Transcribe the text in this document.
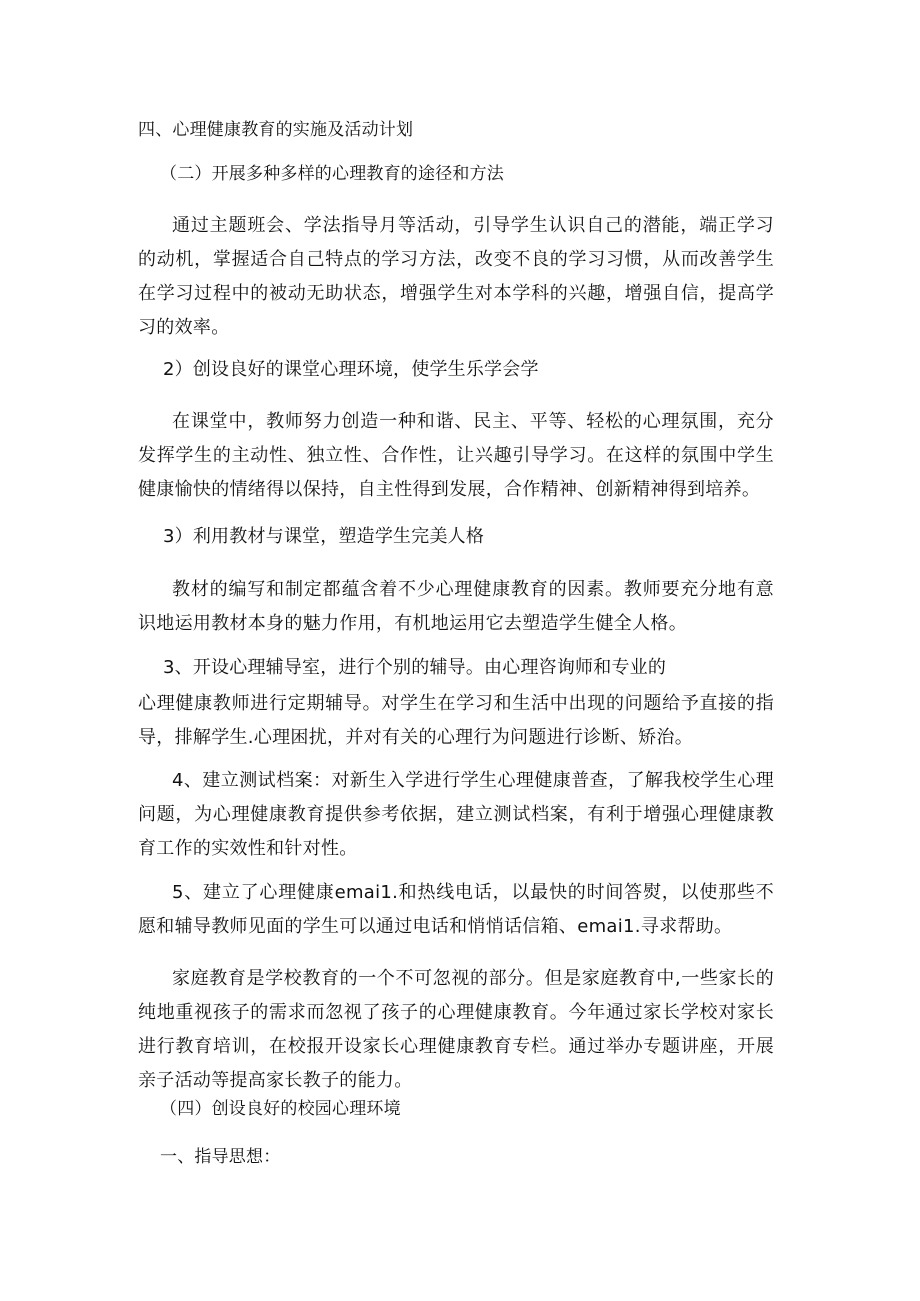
四、心理健康教育的实施及活动计划
（二）开展多种多样的心理教育的途径和方法

通过主题班会、学法指导月等活动，引导学生认识自己的潜能，端正学习的动机，掌握适合自己特点的学习方法，改变不良的学习习惯，从而改善学生在学习过程中的被动无助状态，增强学生对本学科的兴趣，增强自信，提高学习的效率。

2）创设良好的课堂心理环境，使学生乐学会学

在课堂中，教师努力创造一种和谐、民主、平等、轻松的心理氛围，充分发挥学生的主动性、独立性、合作性，让兴趣引导学习。在这样的氛围中学生健康愉快的情绪得以保持，自主性得到发展，合作精神、创新精神得到培养。

3）利用教材与课堂，塑造学生完美人格

教材的编写和制定都蕴含着不少心理健康教育的因素。教师要充分地有意识地运用教材本身的魅力作用，有机地运用它去塑造学生健全人格。

3、开设心理辅导室，进行个别的辅导。由心理咨询师和专业的

心理健康教师进行定期辅导。对学生在学习和生活中出现的问题给予直接的指导，排解学生.心理困扰，并对有关的心理行为问题进行诊断、矫治。

4、建立测试档案：对新生入学进行学生心理健康普查，了解我校学生心理问题，为心理健康教育提供参考依据，建立测试档案，有利于增强心理健康教育工作的实效性和针对性。

5、建立了心理健康emai1.和热线电话，以最快的时间答熨，以使那些不愿和辅导教师见面的学生可以通过电话和悄悄话信箱、emai1.寻求帮助。

家庭教育是学校教育的一个不可忽视的部分。但是家庭教育中,一些家长的纯地重视孩子的需求而忽视了孩子的心理健康教育。今年通过家长学校对家长进行教育培训，在校报开设家长心理健康教育专栏。通过举办专题讲座，开展亲子活动等提高家长教子的能力。

（四）创设良好的校园心理环境
一、指导思想：
